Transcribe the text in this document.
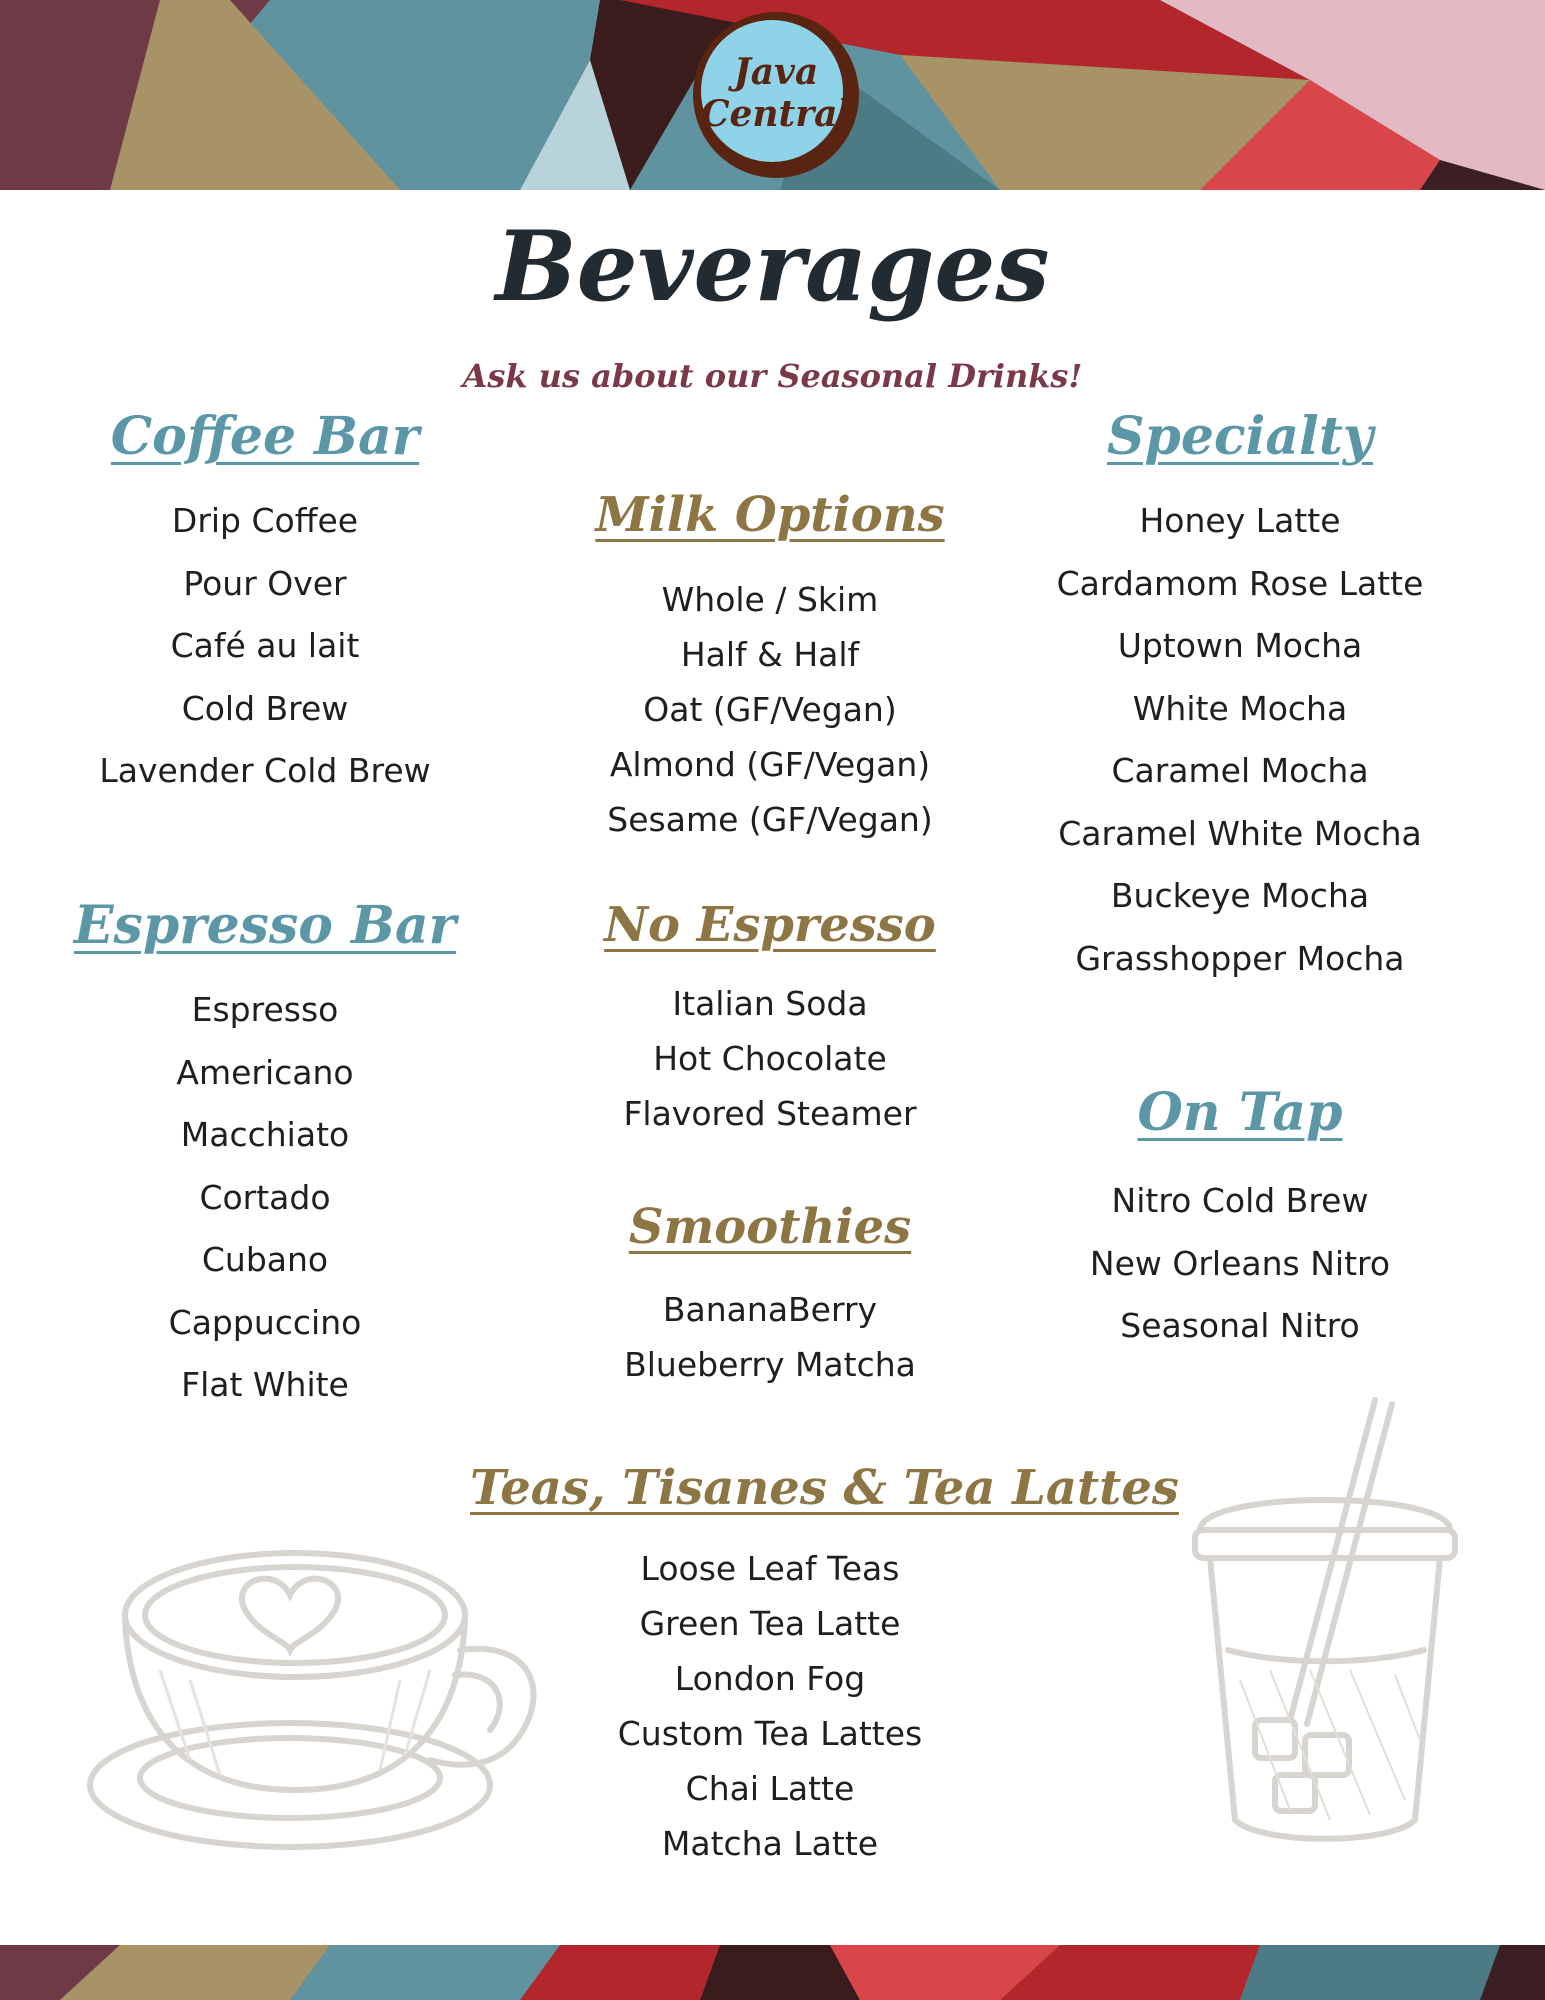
Java
Central
Beverages
Ask us about our Seasonal Drinks!
Coffee Bar
Drip Coffee
Pour Over
Café au lait
Cold Brew
Lavender Cold Brew
Espresso Bar
Espresso
Americano
Macchiato
Cortado
Cubano
Cappuccino
Flat White
Milk Options
Whole / Skim
Half & Half
Oat (GF/Vegan)
Almond (GF/Vegan)
Sesame (GF/Vegan)
No Espresso
Italian Soda
Hot Chocolate
Flavored Steamer
Smoothies
BananaBerry
Blueberry Matcha
Teas, Tisanes & Tea Lattes
Loose Leaf Teas
Green Tea Latte
London Fog
Custom Tea Lattes
Chai Latte
Matcha Latte
Specialty
Honey Latte
Cardamom Rose Latte
Uptown Mocha
White Mocha
Caramel Mocha
Caramel White Mocha
Buckeye Mocha
Grasshopper Mocha
On Tap
Nitro Cold Brew
New Orleans Nitro
Seasonal Nitro
